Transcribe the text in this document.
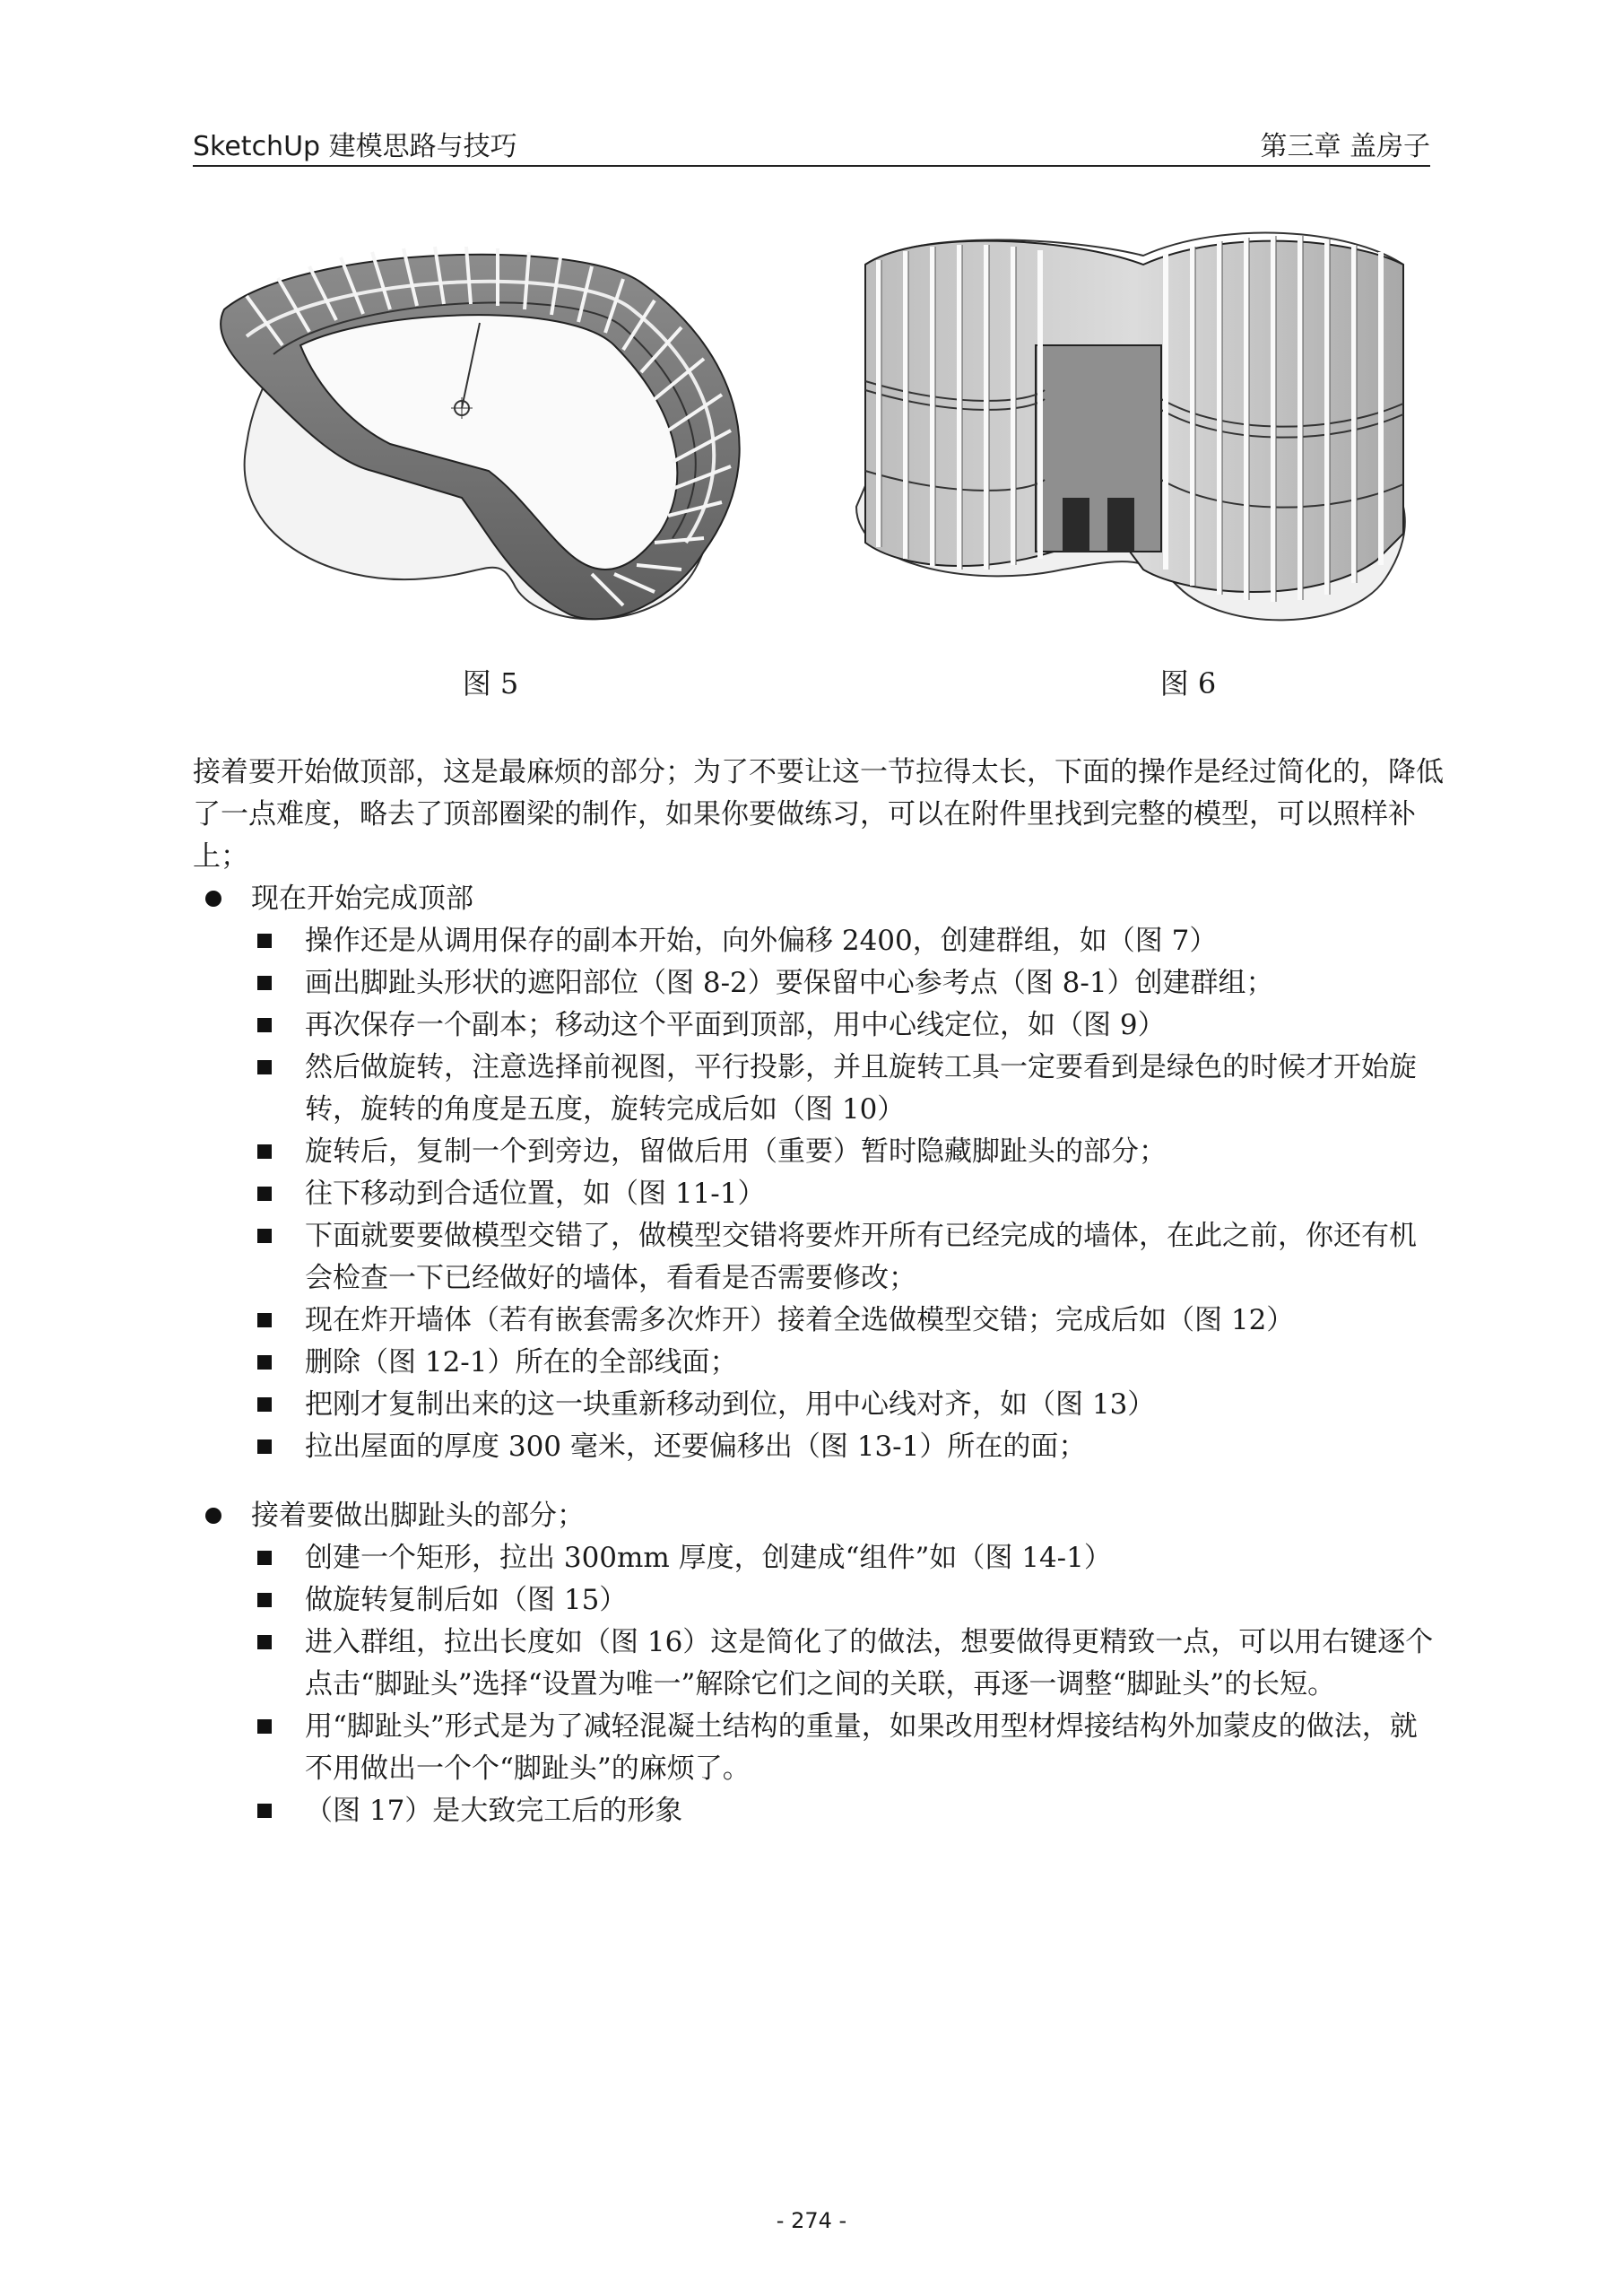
SketchUp 建模思路与技巧	第三章 盖房子
图 5	图 6

接着要开始做顶部，这是最麻烦的部分；为了不要让这一节拉得太长，下面的操作是经过简化的，降低了一点难度，略去了顶部圈梁的制作，如果你要做练习，可以在附件里找到完整的模型，可以照样补上；

现在开始完成顶部
操作还是从调用保存的副本开始，向外偏移 2400，创建群组，如（图 7）
画出脚趾头形状的遮阳部位（图 8-2）要保留中心参考点（图 8-1）创建群组；
再次保存一个副本；移动这个平面到顶部，用中心线定位，如（图 9）
然后做旋转，注意选择前视图，平行投影，并且旋转工具一定要看到是绿色的时候才开始旋转，旋转的角度是五度，旋转完成后如（图 10）
旋转后，复制一个到旁边，留做后用（重要）暂时隐藏脚趾头的部分；
往下移动到合适位置，如（图 11-1）
下面就要要做模型交错了，做模型交错将要炸开所有已经完成的墙体，在此之前，你还有机会检查一下已经做好的墙体，看看是否需要修改；
现在炸开墙体（若有嵌套需多次炸开）接着全选做模型交错；完成后如（图 12）
删除（图 12-1）所在的全部线面；
把刚才复制出来的这一块重新移动到位，用中心线对齐，如（图 13）
拉出屋面的厚度 300 毫米，还要偏移出（图 13-1）所在的面；
接着要做出脚趾头的部分；
创建一个矩形，拉出 300mm 厚度，创建成“组件”如（图 14-1）
做旋转复制后如（图 15）
进入群组，拉出长度如（图 16）这是简化了的做法，想要做得更精致一点，可以用右键逐个点击“脚趾头”选择“设置为唯一”解除它们之间的关联，再逐一调整“脚趾头”的长短。
用“脚趾头”形式是为了减轻混凝土结构的重量，如果改用型材焊接结构外加蒙皮的做法，就不用做出一个个“脚趾头”的麻烦了。
（图 17）是大致完工后的形象
- 274 -
